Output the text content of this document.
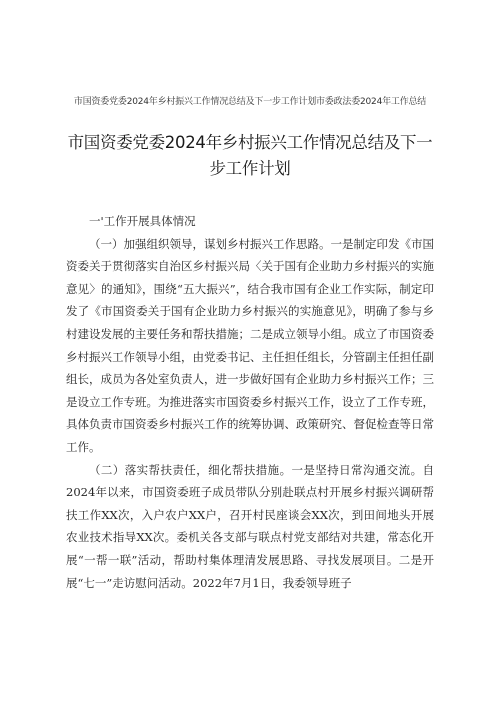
市国资委党委2024年乡村振兴工作情况总结及下一步工作计划市委政法委2024年工作总结
市国资委党委2024年乡村振兴工作情况总结及下一步工作计划

一'工作开展具体情况

（一）加强组织领导，谋划乡村振兴工作思路。一是制定印发《市国资委关于贯彻落实自治区乡村振兴局〈关于国有企业助力乡村振兴的实施意见〉的通知》，围绕“五大振兴”，结合我市国有企业工作实际，制定印发了《市国资委关于国有企业助力乡村振兴的实施意见》，明确了参与乡村建设发展的主要任务和帮扶措施；二是成立领导小组。成立了市国资委乡村振兴工作领导小组，由党委书记、主任担任组长，分管副主任担任副组长，成员为各处室负责人，进一步做好国有企业助力乡村振兴工作；三是设立工作专班。为推进落实市国资委乡村振兴工作，设立了工作专班，具体负责市国资委乡村振兴工作的统筹协调、政策研究、督促检查等日常工作。

（二）落实帮扶责任，细化帮扶措施。一是坚持日常沟通交流。自2024年以来，市国资委班子成员带队分别赴联点村开展乡村振兴调研帮扶工作XX次，入户农户XX户，召开村民座谈会XX次，到田间地头开展农业技术指导XX次。委机关各支部与联点村党支部结对共建，常态化开展“一帮一联”活动，帮助村集体理清发展思路、寻找发展项目。二是开展“七一”走访慰问活动。2022年7月1日，我委领导班子
